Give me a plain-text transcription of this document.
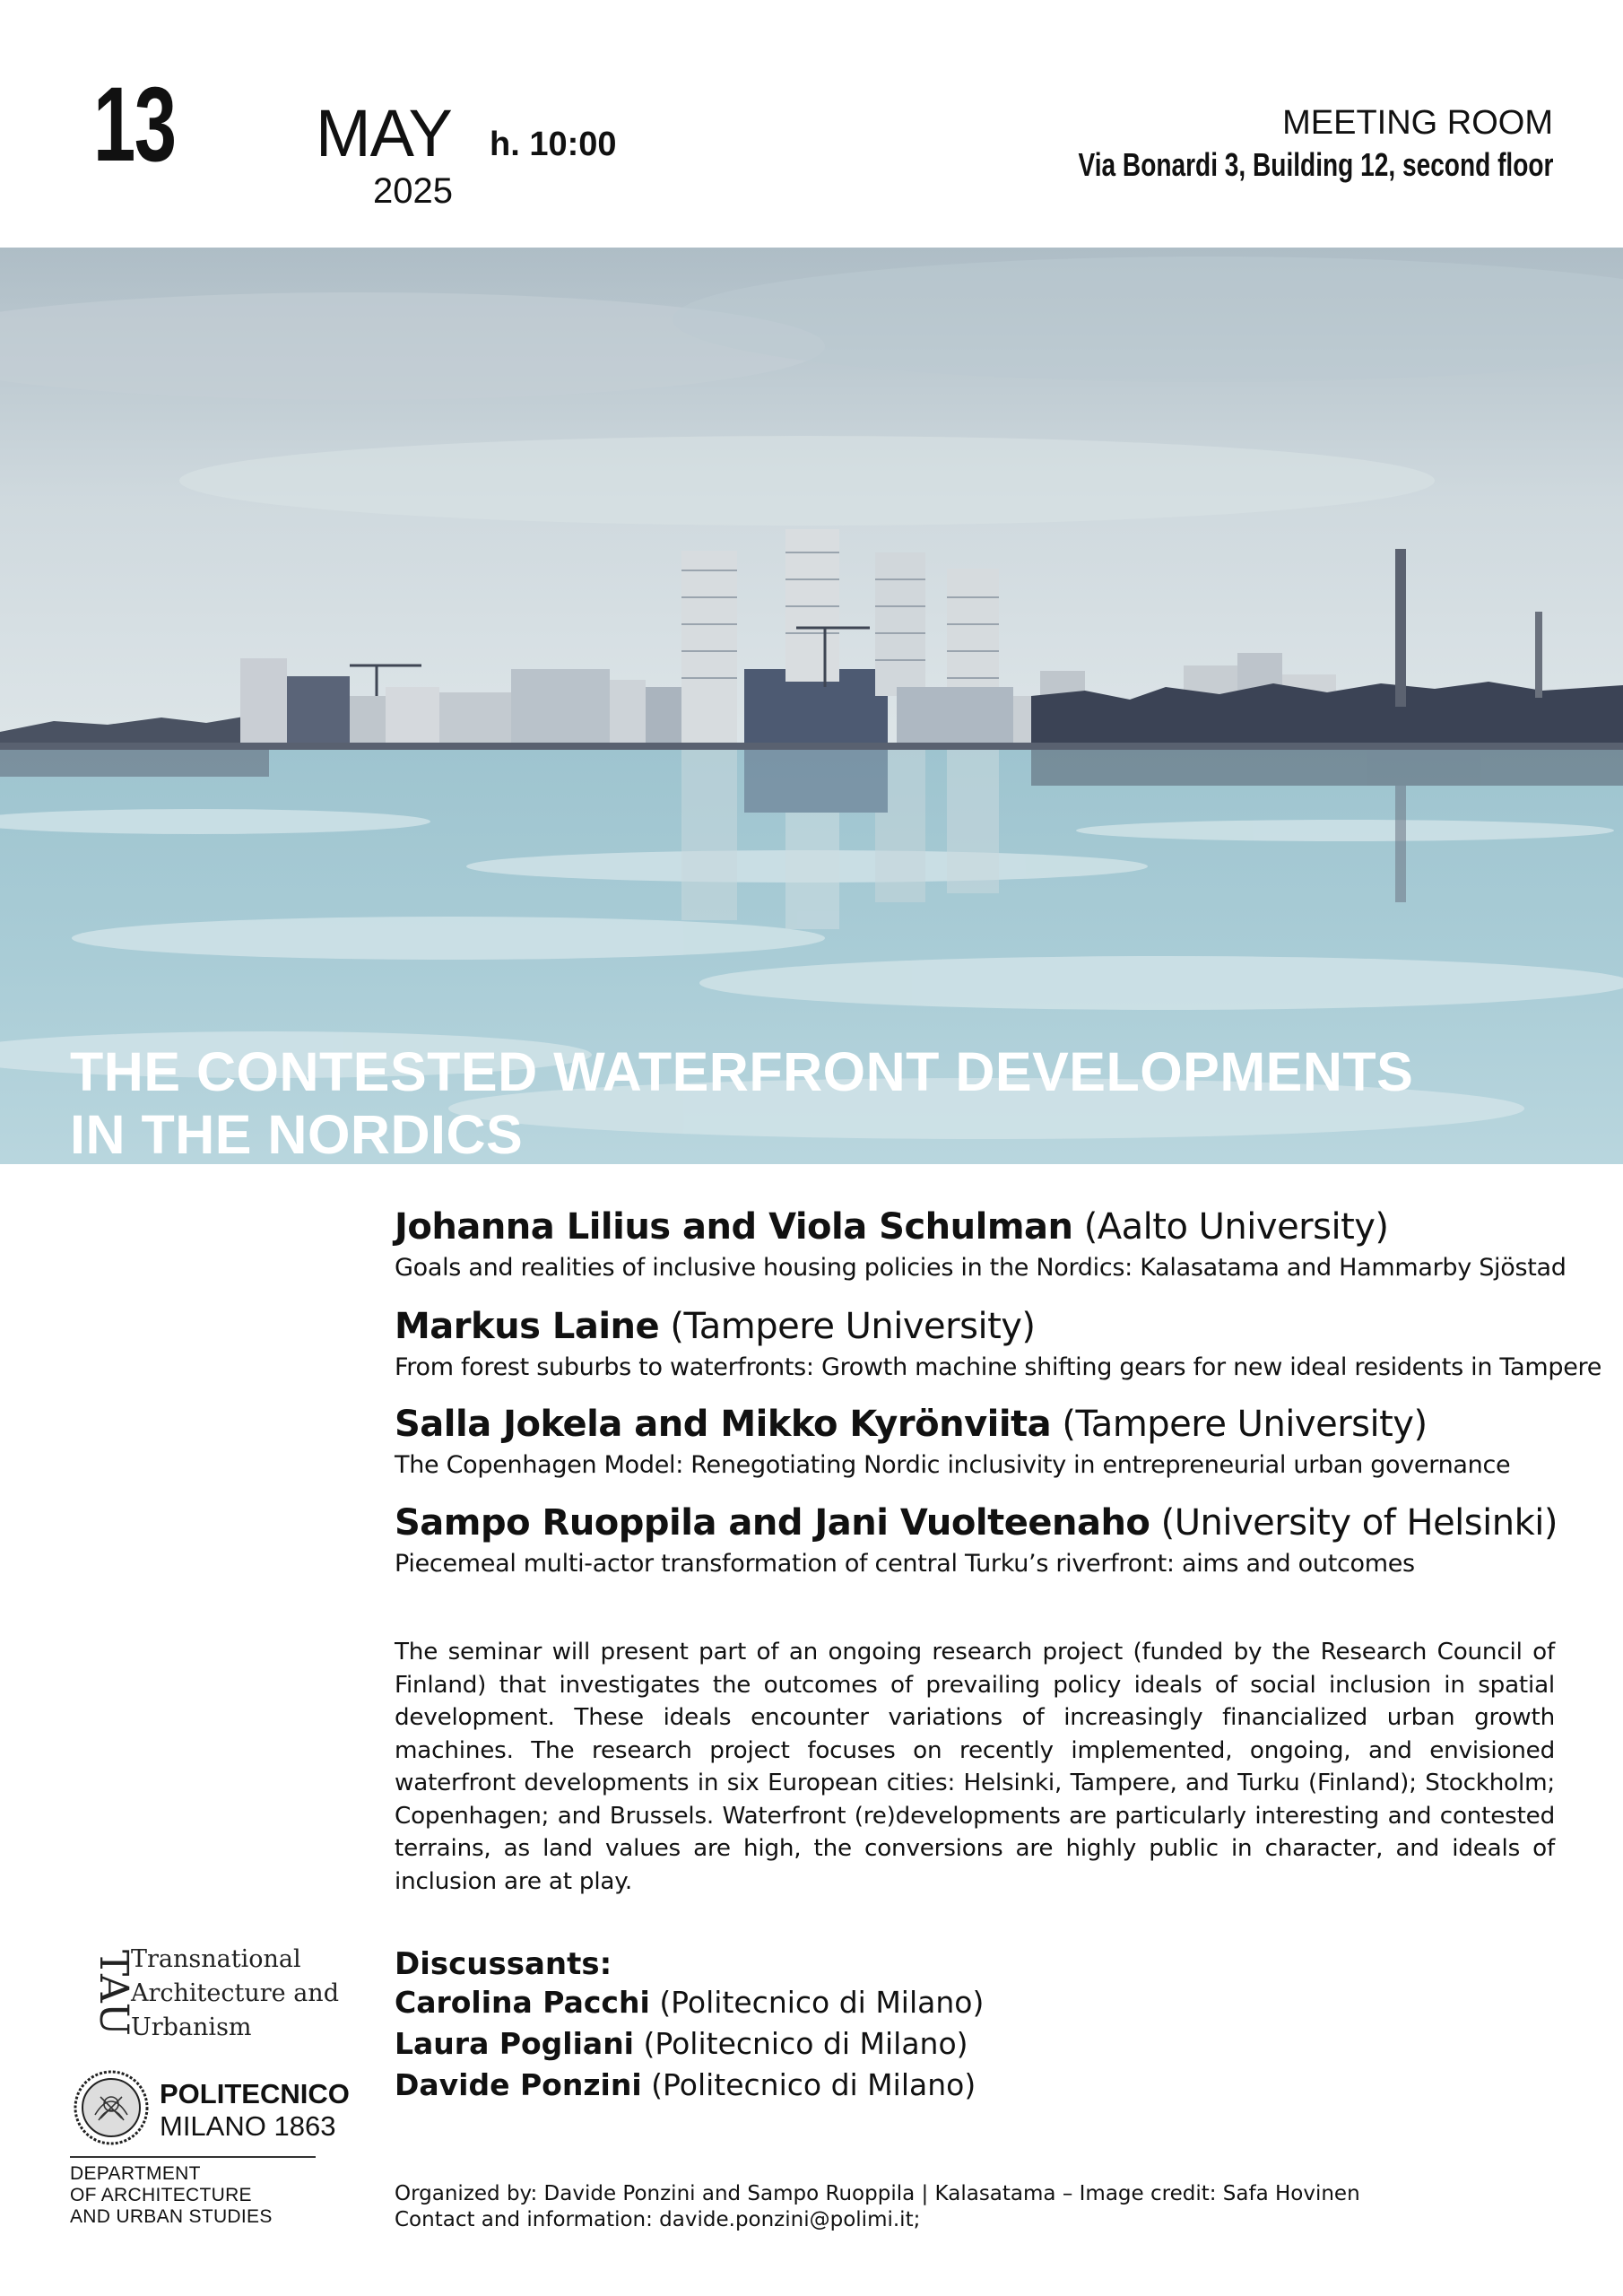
13 MAY h. 10:00
2025
MEETING ROOM
Via Bonardi 3, Building 12, second floor
THE CONTESTED WATERFRONT DEVELOPMENTS
IN THE NORDICS
Johanna Lilius and Viola Schulman (Aalto University)
Goals and realities of inclusive housing policies in the Nordics: Kalasatama and Hammarby Sjöstad
Markus Laine (Tampere University)
From forest suburbs to waterfronts: Growth machine shifting gears for new ideal residents in Tampere
Salla Jokela and Mikko Kyrönviita (Tampere University)
The Copenhagen Model: Renegotiating Nordic inclusivity in entrepreneurial urban governance
Sampo Ruoppila and Jani Vuolteenaho (University of Helsinki)
Piecemeal multi-actor transformation of central Turku’s riverfront: aims and outcomes
The seminar will present part of an ongoing research project (funded by the Research Council of Finland) that investigates the outcomes of prevailing policy ideals of social inclusion in spatial development. These ideals encounter variations of increasingly financialized urban growth machines. The research project focuses on recently implemented, ongoing, and envisioned waterfront developments in six European cities: Helsinki, Tampere, and Turku (Finland); Stockholm; Copenhagen; and Brussels. Waterfront (re)developments are particularly interesting and contested terrains, as land values are high, the conversions are highly public in character, and ideals of inclusion are at play.
Discussants:
Carolina Pacchi (Politecnico di Milano)
Laura Pogliani (Politecnico di Milano)
Davide Ponzini (Politecnico di Milano)
Organized by: Davide Ponzini and Sampo Ruoppila | Kalasatama – Image credit: Safa Hovinen
Contact and information: davide.ponzini@polimi.it;
TAU
Transnational
Architecture and
Urbanism
POLITECNICO
MILANO 1863
DEPARTMENT
OF ARCHITECTURE
AND URBAN STUDIES
